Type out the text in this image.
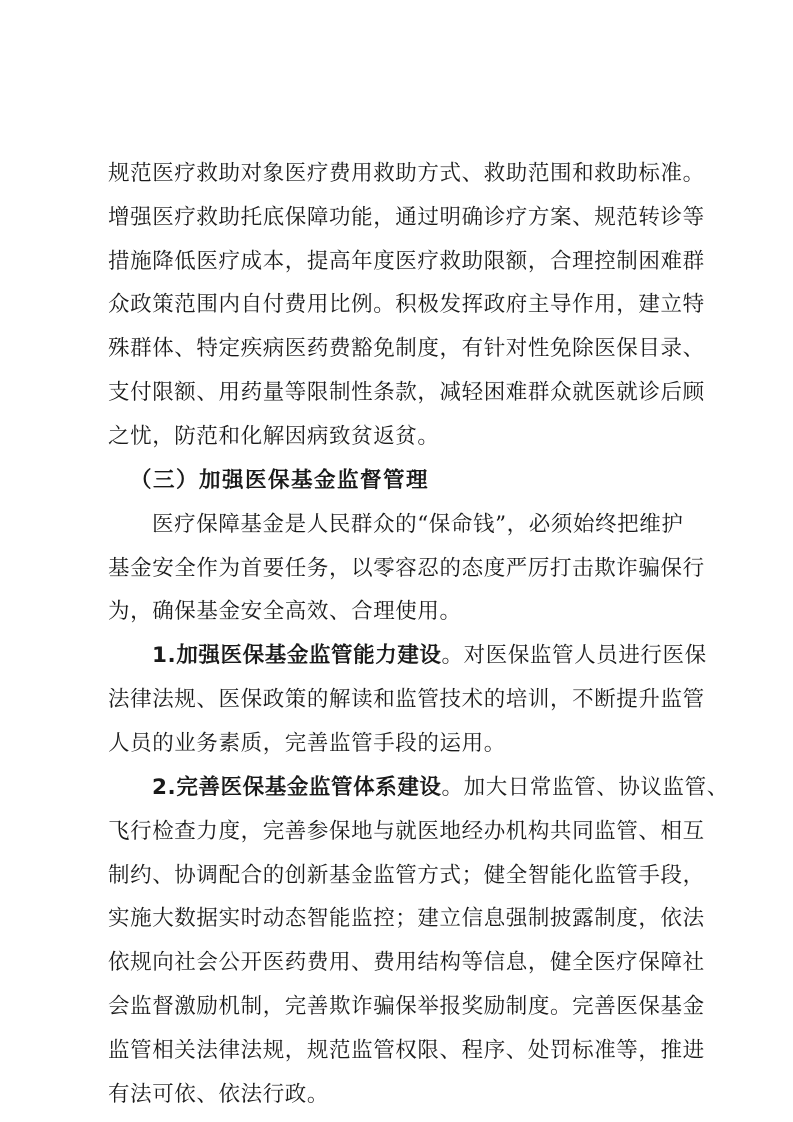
规范医疗救助对象医疗费用救助方式、救助范围和救助标准。
增强医疗救助托底保障功能，通过明确诊疗方案、规范转诊等
措施降低医疗成本，提高年度医疗救助限额，合理控制困难群
众政策范围内自付费用比例。积极发挥政府主导作用，建立特
殊群体、特定疾病医药费豁免制度，有针对性免除医保目录、
支付限额、用药量等限制性条款，减轻困难群众就医就诊后顾
之忧，防范和化解因病致贫返贫。
（三）加强医保基金监督管理
医疗保障基金是人民群众的“保命钱”，必须始终把维护
基金安全作为首要任务，以零容忍的态度严厉打击欺诈骗保行
为，确保基金安全高效、合理使用。
1.加强医保基金监管能力建设。对医保监管人员进行医保
法律法规、医保政策的解读和监管技术的培训，不断提升监管
人员的业务素质，完善监管手段的运用。
2.完善医保基金监管体系建设。加大日常监管、协议监管、
飞行检查力度，完善参保地与就医地经办机构共同监管、相互
制约、协调配合的创新基金监管方式；健全智能化监管手段，
实施大数据实时动态智能监控；建立信息强制披露制度，依法
依规向社会公开医药费用、费用结构等信息，健全医疗保障社
会监督激励机制，完善欺诈骗保举报奖励制度。完善医保基金
监管相关法律法规，规范监管权限、程序、处罚标准等，推进
有法可依、依法行政。
